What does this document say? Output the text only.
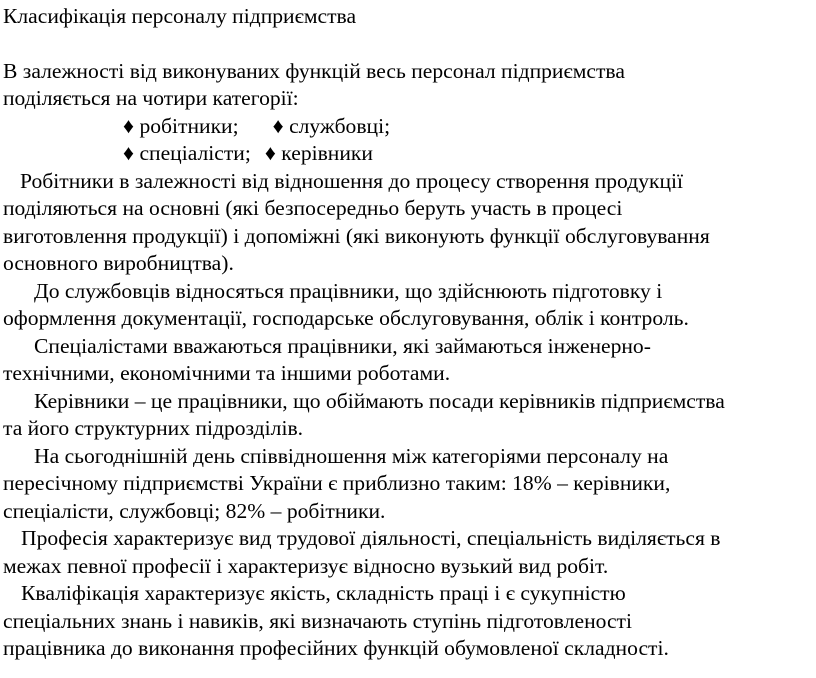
Класифікація персоналу підприємства
В залежності від виконуваних функцій весь персонал підприємства
поділяється на чотири категорії:
♦ робітники; ♦ службовці;
♦ спеціалісти; ♦ керівники
Робітники в залежності від відношення до процесу створення продукції
поділяються на основні (які безпосередньо беруть участь в процесі
виготовлення продукції) і допоміжні (які виконують функції обслуговування
основного виробництва).
До службовців відносяться працівники, що здійснюють підготовку і
оформлення документації, господарське обслуговування, облік і контроль.
Спеціалістами вважаються працівники, які займаються інженерно-
технічними, економічними та іншими роботами.
Керівники – це працівники, що обіймають посади керівників підприємства
та його структурних підрозділів.
На сьогоднішній день співвідношення між категоріями персоналу на
пересічному підприємстві України є приблизно таким: 18% – керівники,
спеціалісти, службовці; 82% – робітники.
Професія характеризує вид трудової діяльності, спеціальність виділяється в
межах певної професії і характеризує відносно вузький вид робіт.
Кваліфікація характеризує якість, складність праці і є сукупністю
спеціальних знань і навиків, які визначають ступінь підготовленості
працівника до виконання професійних функцій обумовленої складності.
